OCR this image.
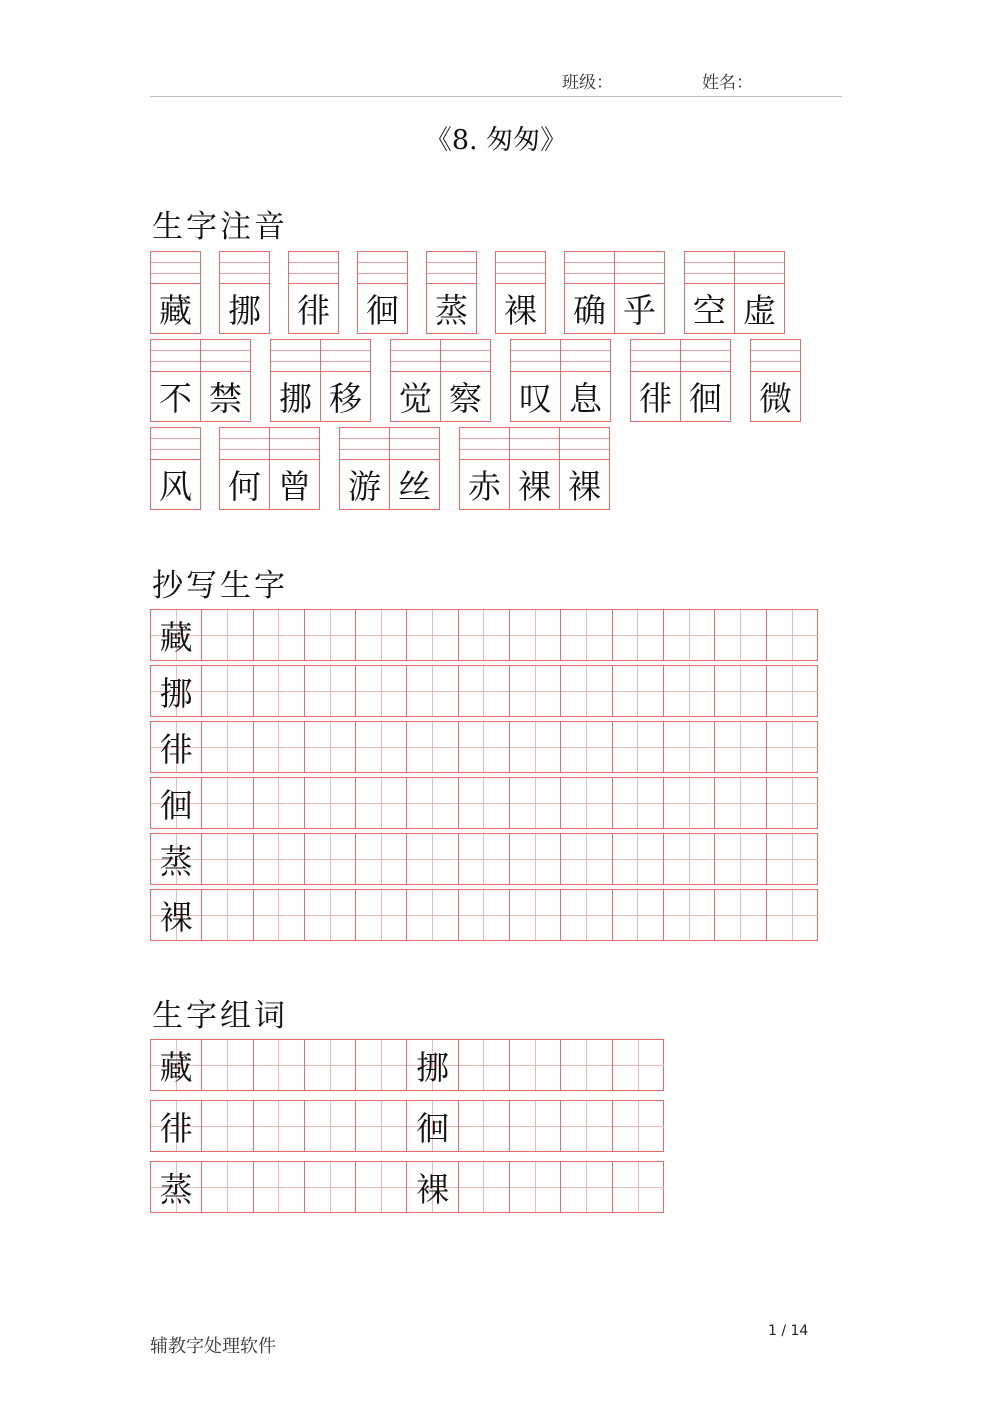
班级：	姓名：
《8. 匆匆》
生字注音
抄写生字
生字组词
藏 挪 徘 徊 蒸 裸 确 乎 空 虚
不 禁 挪 移 觉 察 叹 息 徘 徊 微
风 何 曾 游 丝 赤 裸 裸
藏
挪
徘
徊
蒸
裸
藏	挪
徘	徊
蒸	裸
辅教字处理软件
1 / 14
